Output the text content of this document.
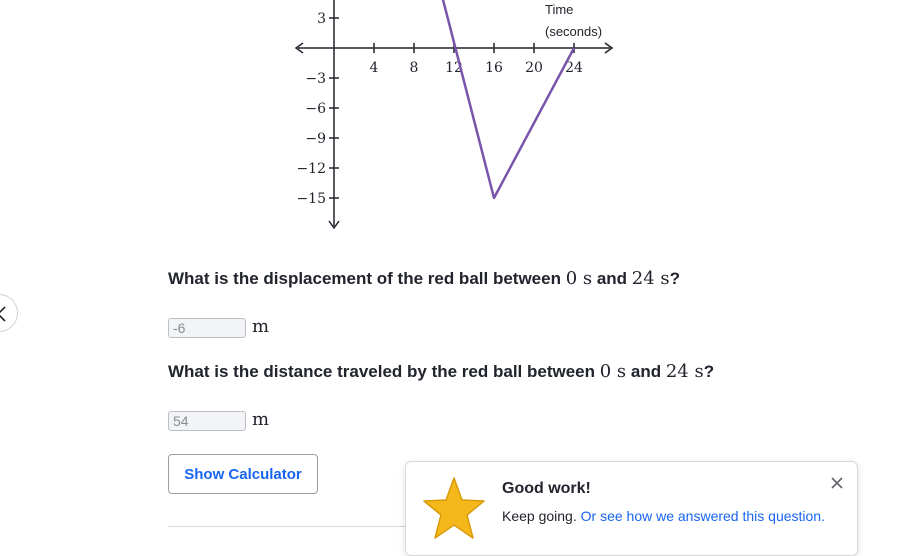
4 8 12 16 20 24
3
−3
−6
−9
−12
−15
Time
(seconds)
What is the displacement of the red ball between 0 s and 24 s?
-6
m
What is the distance traveled by the red ball between 0 s and 24 s?
54
m
Show Calculator
Good work!
Keep going. Or see how we answered this question.
